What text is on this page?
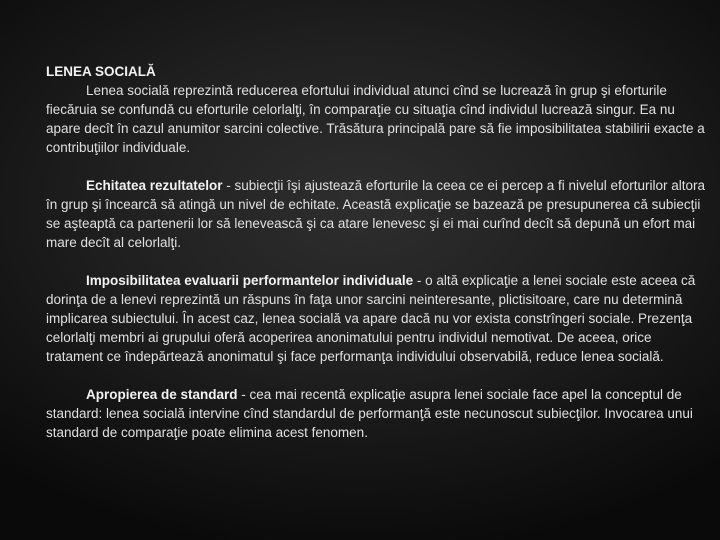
LENEA SOCIALĂ

Lenea socială reprezintă reducerea efortului individual atunci cînd se lucrează în grup şi eforturile fiecăruia se confundă cu eforturile celorlalţi, în comparaţie cu situaţia cînd individul lucrează singur. Ea nu apare decît în cazul anumitor sarcini colective. Trăsătura principală pare să fie imposibilitatea stabilirii exacte a contribuţiilor individuale.

Echitatea rezultatelor - subiecţii îşi ajustează eforturile la ceea ce ei percep a fi nivelul eforturilor altora în grup şi încearcă să atingă un nivel de echitate. Această explicaţie se bazează pe presupunerea că subiecţii se aşteaptă ca partenerii lor să lenevească şi ca atare lenevesc şi ei mai curînd decît să depună un efort mai mare decît al celorlalţi.

Imposibilitatea evaluarii performantelor individuale - o altă explicaţie a lenei sociale este aceea că dorinţa de a lenevi reprezintă un răspuns în faţa unor sarcini neinteresante, plictisitoare, care nu determină implicarea subiectului. În acest caz, lenea socială va apare dacă nu vor exista constrîngeri sociale. Prezenţa celorlalţi membri ai grupului oferă acoperirea anonimatului pentru individul nemotivat. De aceea, orice tratament ce îndepărtează anonimatul şi face performanţa individului observabilă, reduce lenea socială.

Apropierea de standard - cea mai recentă explicaţie asupra lenei sociale face apel la conceptul de standard: lenea socială intervine cînd standardul de performanţă este necunoscut subiecţilor. Invocarea unui standard de comparaţie poate elimina acest fenomen.
